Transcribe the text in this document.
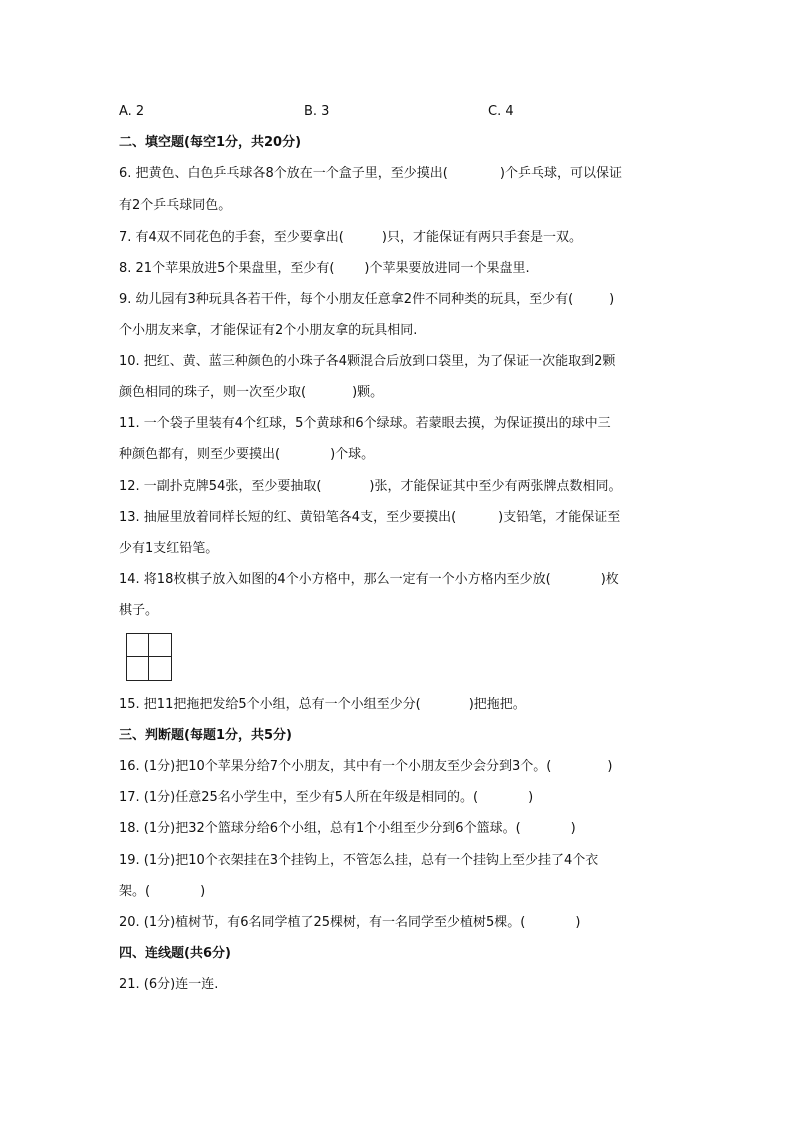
A. 2	B. 3	C. 4
二、填空题(每空1分，共20分)
6. 把黄色、白色乒乓球各8个放在一个盒子里，至少摸出(	)个乒乓球，可以保证
有2个乒乓球同色。
7. 有4双不同花色的手套，至少要拿出(	)只，才能保证有两只手套是一双。
8. 21个苹果放进5个果盘里，至少有( )个苹果要放进同一个果盘里.
9. 幼儿园有3种玩具各若干件，每个小朋友任意拿2件不同种类的玩具，至少有(	)
个小朋友来拿，才能保证有2个小朋友拿的玩具相同.
10. 把红、黄、蓝三种颜色的小珠子各4颗混合后放到口袋里，为了保证一次能取到2颗
颜色相同的珠子，则一次至少取(	)颗。
11. 一个袋子里装有4个红球，5个黄球和6个绿球。若蒙眼去摸，为保证摸出的球中三
种颜色都有，则至少要摸出(	)个球。
12. 一副扑克牌54张，至少要抽取(	)张，才能保证其中至少有两张牌点数相同。
13. 抽屉里放着同样长短的红、黄铅笔各4支，至少要摸出(	)支铅笔，才能保证至
少有1支红铅笔。
14. 将18枚棋子放入如图的4个小方格中，那么一定有一个小方格内至少放(	)枚
棋子。
15. 把11把拖把发给5个小组，总有一个小组至少分(	)把拖把。
三、判断题(每题1分，共5分)
16. (1分)把10个苹果分给7个小朋友，其中有一个小朋友至少会分到3个。(	)
17. (1分)任意25名小学生中，至少有5人所在年级是相同的。(	)
18. (1分)把32个篮球分给6个小组，总有1个小组至少分到6个篮球。(	)
19. (1分)把10个衣架挂在3个挂钩上，不管怎么挂，总有一个挂钩上至少挂了4个衣
架。(	)
20. (1分)植树节，有6名同学植了25棵树，有一名同学至少植树5棵。(	)
四、连线题(共6分)
21. (6分)连一连.
